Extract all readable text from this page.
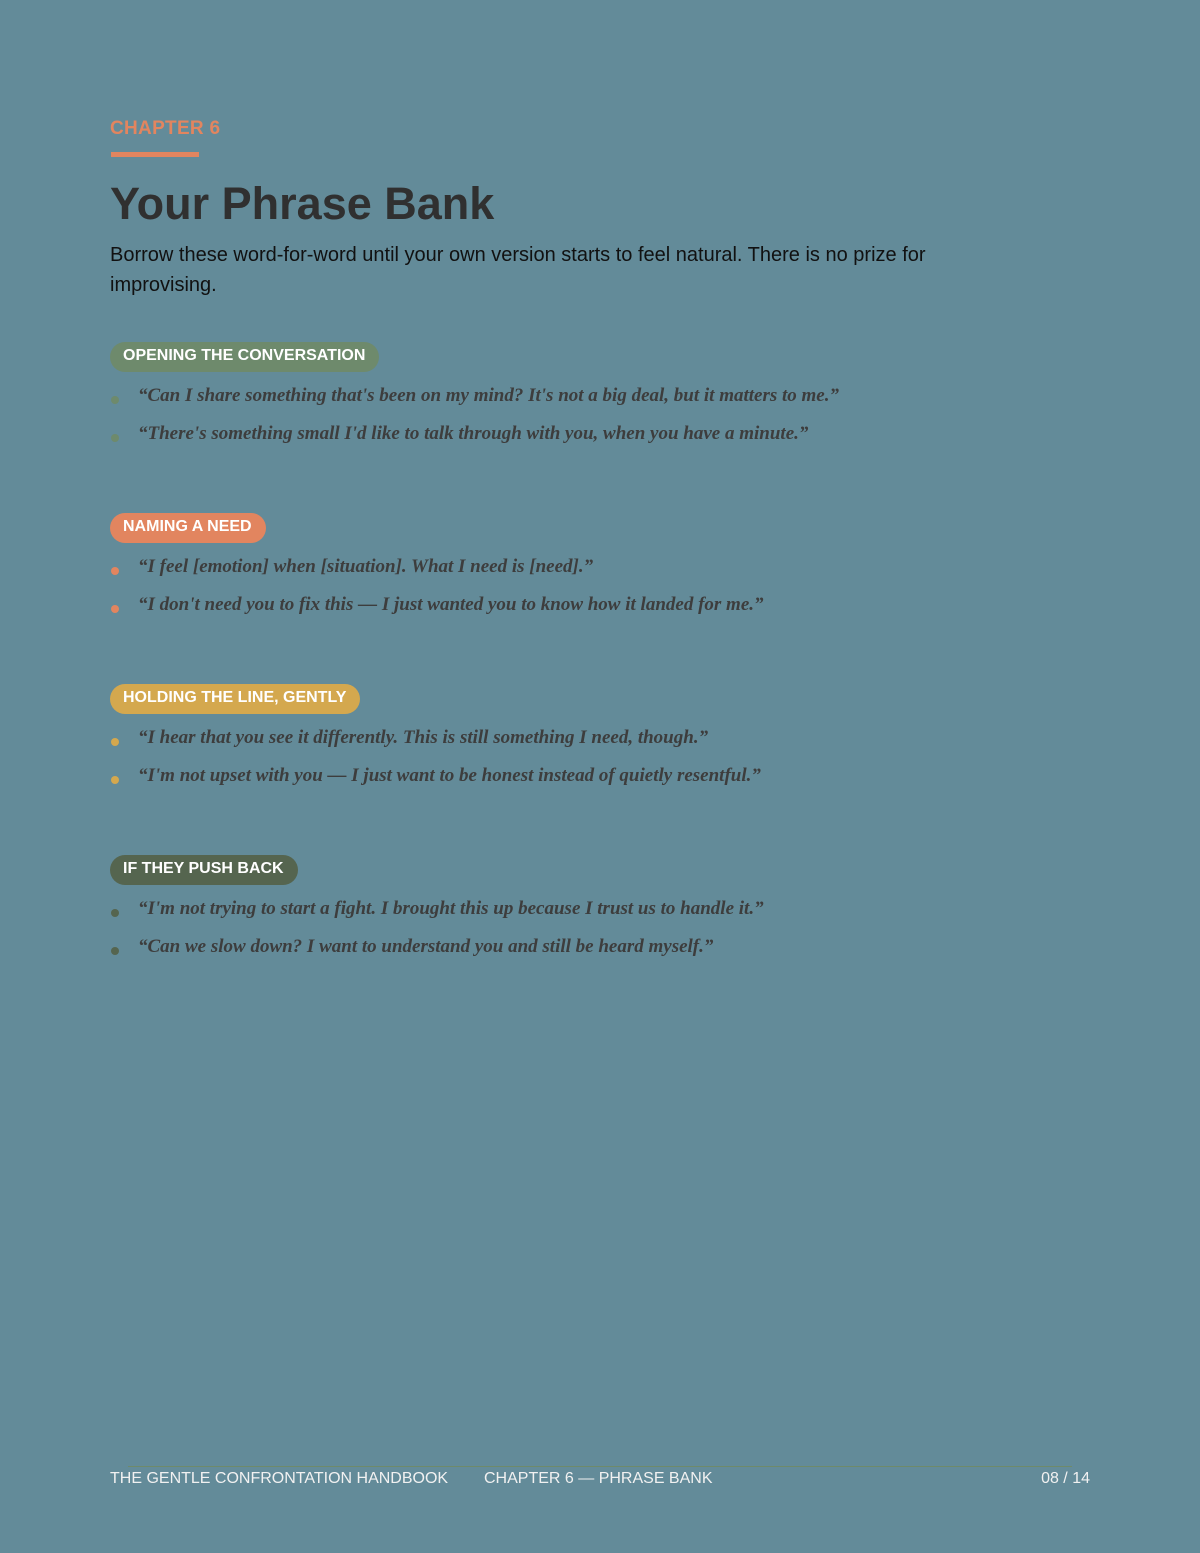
CHAPTER 6
Your Phrase Bank

Borrow these word-for-word until your own version starts to feel natural. There is no prize for improvising.

OPENING THE CONVERSATION
“Can I share something that's been on my mind? It's not a big deal, but it matters to me.”
“There's something small I'd like to talk through with you, when you have a minute.”
NAMING A NEED
“I feel [emotion] when [situation]. What I need is [need].”
“I don't need you to fix this — I just wanted you to know how it landed for me.”
HOLDING THE LINE, GENTLY
“I hear that you see it differently. This is still something I need, though.”
“I'm not upset with you — I just want to be honest instead of quietly resentful.”
IF THEY PUSH BACK
“I'm not trying to start a fight. I brought this up because I trust us to handle it.”
“Can we slow down? I want to understand you and still be heard myself.”
THE GENTLE CONFRONTATION HANDBOOK CHAPTER 6 — PHRASE BANK	08 / 14
